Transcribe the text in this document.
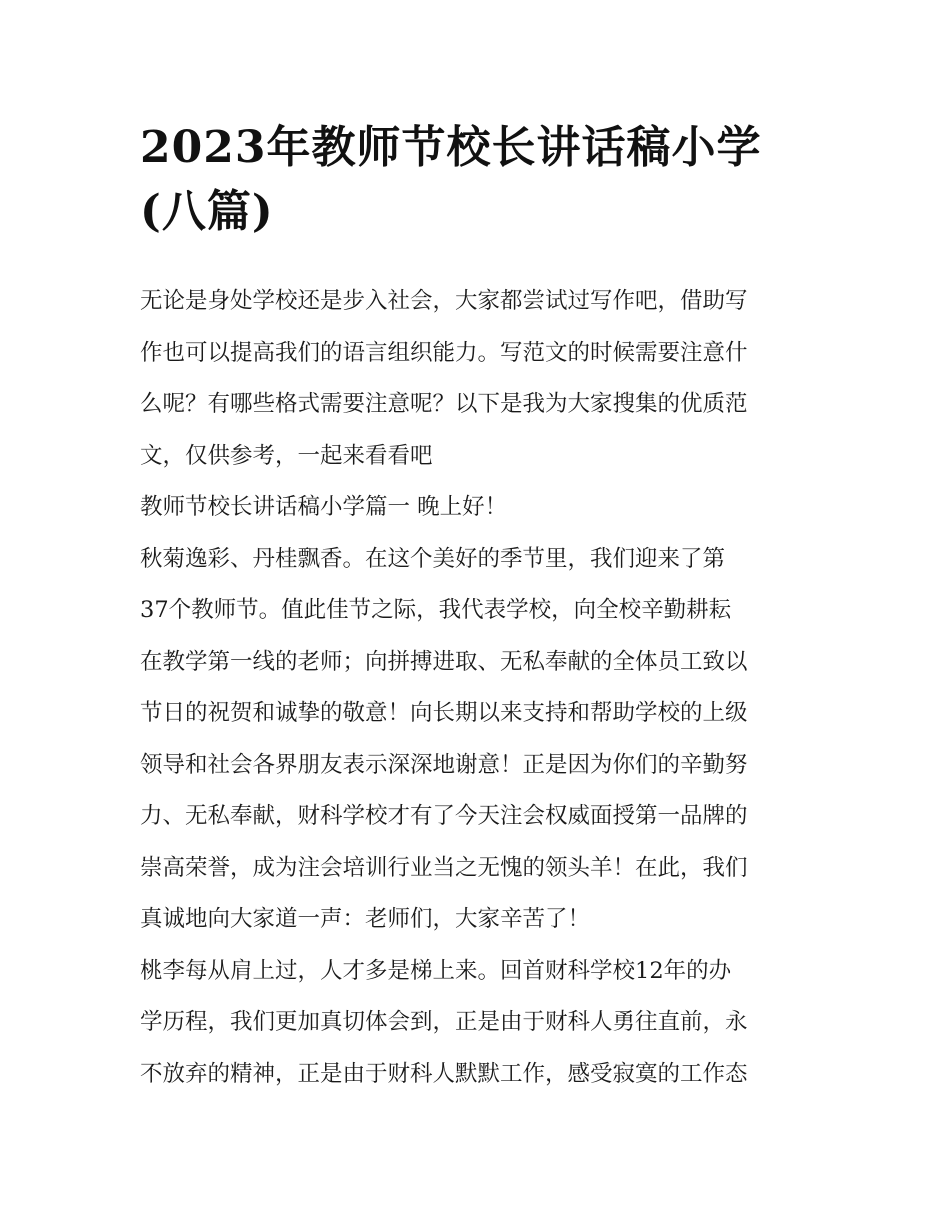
2023年教师节校长讲话稿小学
(八篇)
无论是身处学校还是步入社会，大家都尝试过写作吧，借助写
作也可以提高我们的语言组织能力。写范文的时候需要注意什
么呢？有哪些格式需要注意呢？以下是我为大家搜集的优质范
文，仅供参考，一起来看看吧
教师节校长讲话稿小学篇一 晚上好！
秋菊逸彩、丹桂飘香。在这个美好的季节里，我们迎来了第
37个教师节。值此佳节之际，我代表学校，向全校辛勤耕耘
在教学第一线的老师；向拼搏进取、无私奉献的全体员工致以
节日的祝贺和诚挚的敬意！向长期以来支持和帮助学校的上级
领导和社会各界朋友表示深深地谢意！正是因为你们的辛勤努
力、无私奉献，财科学校才有了今天注会权威面授第一品牌的
崇高荣誉，成为注会培训行业当之无愧的领头羊！在此，我们
真诚地向大家道一声：老师们，大家辛苦了！
桃李每从肩上过，人才多是梯上来。回首财科学校12年的办
学历程，我们更加真切体会到，正是由于财科人勇往直前，永
不放弃的精神，正是由于财科人默默工作，感受寂寞的工作态
